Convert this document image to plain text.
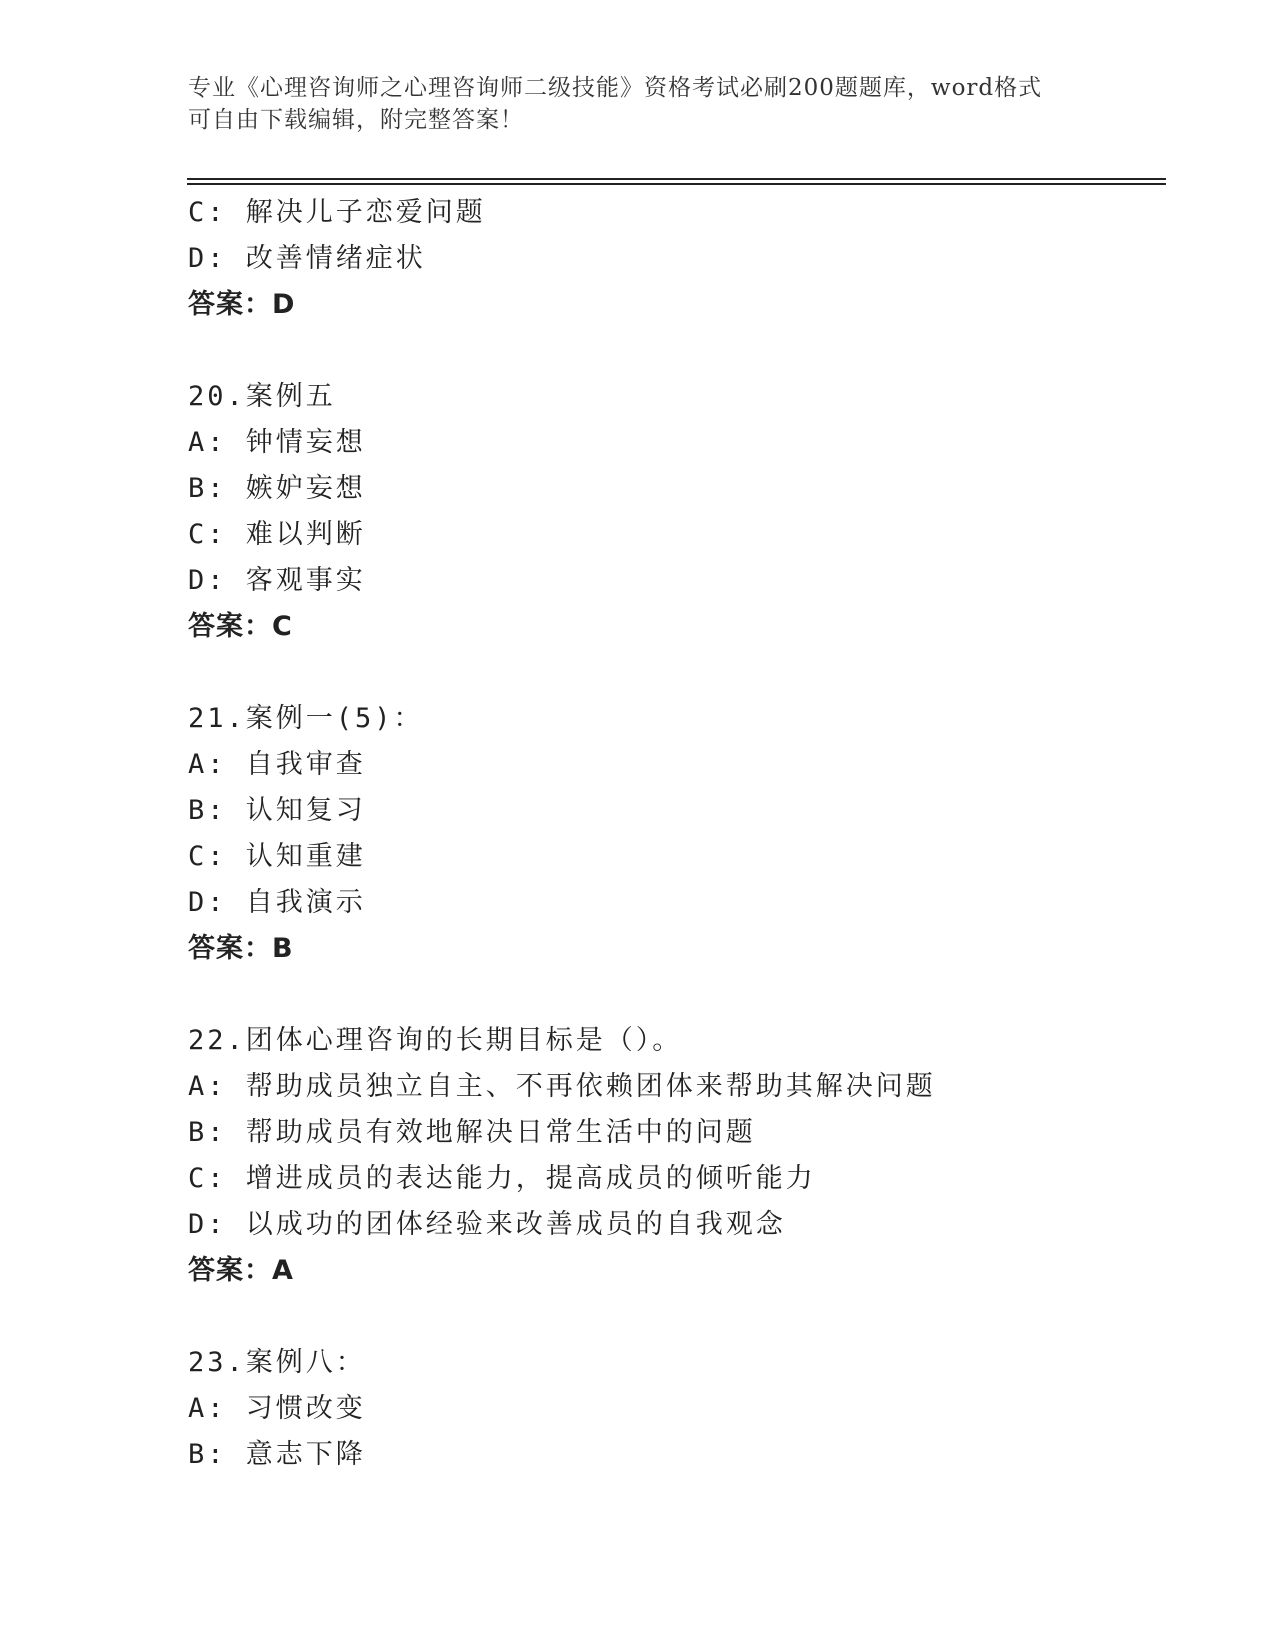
专业《心理咨询师之心理咨询师二级技能》资格考试必刷200题题库，word格式
可自由下载编辑，附完整答案！
C: 解决儿子恋爱问题
D: 改善情绪症状
答案：D
20.案例五
A: 钟情妄想
B: 嫉妒妄想
C: 难以判断
D: 客观事实
答案：C
21.案例一(5)：
A: 自我审查
B: 认知复习
C: 认知重建
D: 自我演示
答案：B
22.团体心理咨询的长期目标是（）。
A: 帮助成员独立自主、不再依赖团体来帮助其解决问题
B: 帮助成员有效地解决日常生活中的问题
C: 增进成员的表达能力，提高成员的倾听能力
D: 以成功的团体经验来改善成员的自我观念
答案：A
23.案例八：
A: 习惯改变
B: 意志下降
